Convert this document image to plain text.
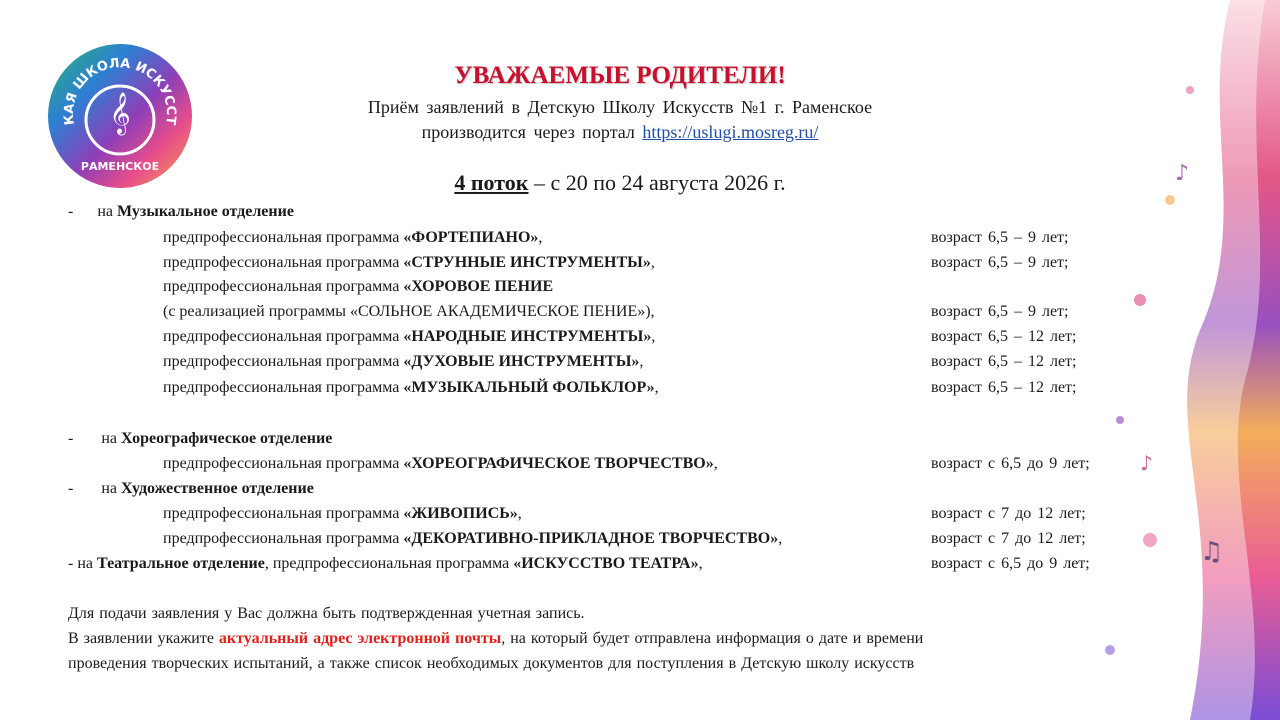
♪
♫
♪
КАЯ ШКОЛА ИСКУССТ
𝄞
РАМЕНСКОЕ
УВАЖАЕМЫЕ РОДИТЕЛИ!
Приём заявлений в Детскую Школу Искусств №1 г. Раменское
производится через портал https://uslugi.mosreg.ru/
4 поток – с 20 по 24 августа 2026 г.
- на Музыкальное отделение
предпрофессиональная программа «ФОРТЕПИАНО»,	возраст 6,5 – 9 лет;
предпрофессиональная программа «СТРУННЫЕ ИНСТРУМЕНТЫ»,	возраст 6,5 – 9 лет;
предпрофессиональная программа «ХОРОВОЕ ПЕНИЕ
(с реализацией программы «СОЛЬНОЕ АКАДЕМИЧЕСКОЕ ПЕНИЕ»),	возраст 6,5 – 9 лет;
предпрофессиональная программа «НАРОДНЫЕ ИНСТРУМЕНТЫ»,	возраст 6,5 – 12 лет;
предпрофессиональная программа «ДУХОВЫЕ ИНСТРУМЕНТЫ»,	возраст 6,5 – 12 лет;
предпрофессиональная программа «МУЗЫКАЛЬНЫЙ ФОЛЬКЛОР»,	возраст 6,5 – 12 лет;
- на Хореографическое отделение
предпрофессиональная программа «ХОРЕОГРАФИЧЕСКОЕ ТВОРЧЕСТВО»,	возраст с 6,5 до 9 лет;
- на Художественное отделение
предпрофессиональная программа «ЖИВОПИСЬ»,	возраст с 7 до 12 лет;
предпрофессиональная программа «ДЕКОРАТИВНО-ПРИКЛАДНОЕ ТВОРЧЕСТВО»,	возраст с 7 до 12 лет;
- на Театральное отделение, предпрофессиональная программа «ИСКУССТВО ТЕАТРА»,	возраст с 6,5 до 9 лет;
Для подачи заявления у Вас должна быть подтвержденная учетная запись.
В заявлении укажите актуальный адрес электронной почты, на который будет отправлена информация о дате и времени
проведения творческих испытаний, а также список необходимых документов для поступления в Детскую школу искусств
